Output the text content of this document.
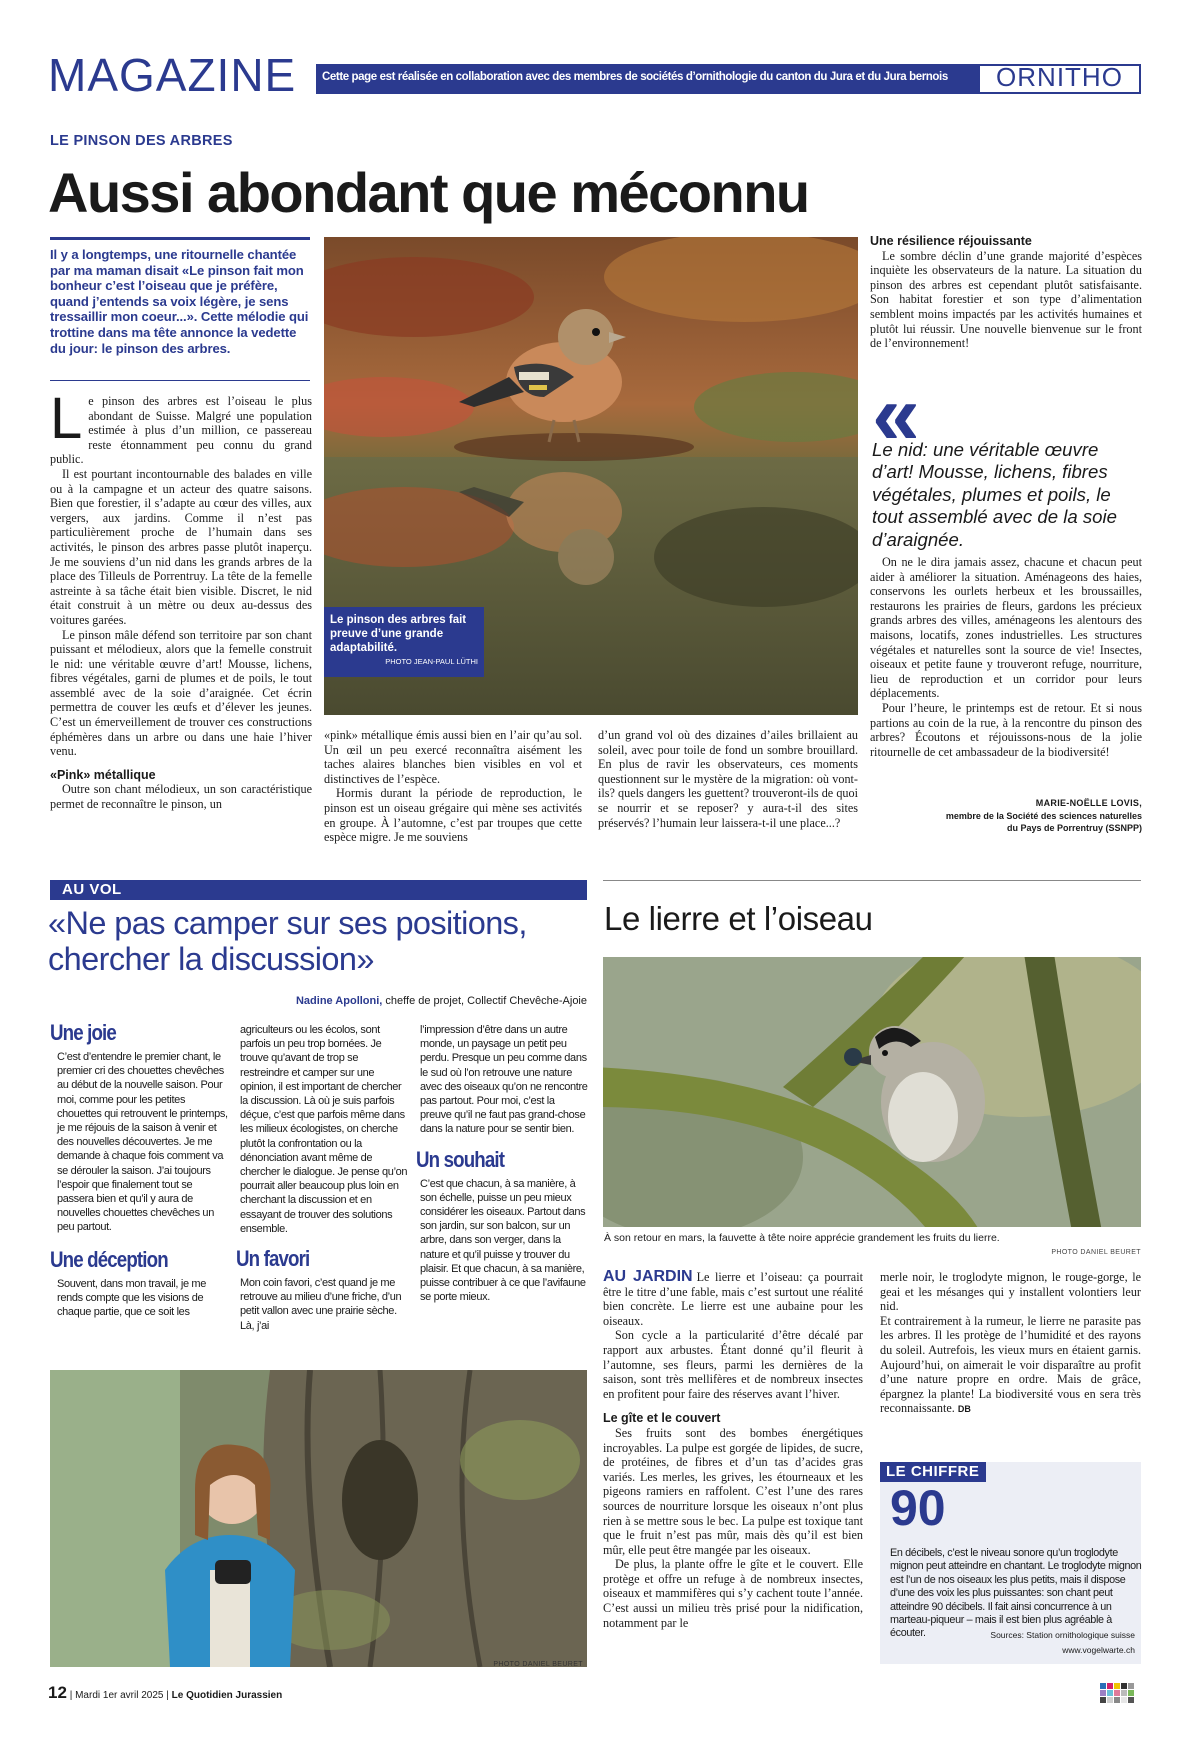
MAGAZINE Cette page est réalisée en collaboration avec des membres de sociétés d’ornithologie du canton du Jura et du Jura bernois	ORNITHO
LE PINSON DES ARBRES
Aussi abondant que méconnu
Il y a longtemps, une ritournelle chantée par ma maman disait «Le pinson fait mon bonheur c’est l’oiseau que je préfère, quand j’entends sa voix légère, je sens tressaillir mon coeur...». Cette mélodie qui trottine dans ma tête annonce la vedette du jour: le pinson des arbres.

Le pinson des arbres est l’oiseau le plus abondant de Suisse. Malgré une population estimée à plus d’un million, ce passereau reste étonnamment peu connu du grand public.

Il est pourtant incontournable des balades en ville ou à la campagne et un acteur des quatre saisons. Bien que forestier, il s’adapte au cœur des villes, aux vergers, aux jardins. Comme il n’est pas particulièrement proche de l’humain dans ses activités, le pinson des arbres passe plutôt inaperçu. Je me souviens d’un nid dans les grands arbres de la place des Tilleuls de Porrentruy. La tête de la femelle astreinte à sa tâche était bien visible. Discret, le nid était construit à un mètre ou deux au-dessus des voitures garées.

Le pinson mâle défend son territoire par son chant puissant et mélodieux, alors que la femelle construit le nid: une véritable œuvre d’art! Mousse, lichens, fibres végétales, garni de plumes et de poils, le tout assemblé avec de la soie d’araignée. Cet écrin permettra de couver les œufs et d’élever les jeunes. C’est un émerveillement de trouver ces constructions éphémères dans un arbre ou dans une haie l’hiver venu.

«Pink» métallique

Outre son chant mélodieux, un son caractéristique permet de reconnaître le pinson, un

Le pinson des arbres fait preuve d’une grande adaptabilité.
PHOTO JEAN-PAUL LÜTHI

«pink» métallique émis aussi bien en l’air qu’au sol. Un œil un peu exercé reconnaîtra aisément les taches alaires blanches bien visibles en vol et distinctives de l’espèce.

Hormis durant la période de reproduction, le pinson est un oiseau grégaire qui mène ses activités en groupe. À l’automne, c’est par troupes que cette espèce migre. Je me souviens

d’un grand vol où des dizaines d’ailes brillaient au soleil, avec pour toile de fond un sombre brouillard. En plus de ravir les observateurs, ces moments questionnent sur le mystère de la migration: où vont-ils? quels dangers les guettent? trouveront-ils de quoi se nourrir et se reposer? y aura-t-il des sites préservés? l’humain leur laissera-t-il une place...?

Une résilience réjouissante

Le sombre déclin d’une grande majorité d’espèces inquiète les observateurs de la nature. La situation du pinson des arbres est cependant plutôt satisfaisante. Son habitat forestier et son type d’alimentation semblent moins impactés par les activités humaines et plutôt lui réussir. Une nouvelle bienvenue sur le front de l’environnement!

«
Le nid: une véritable œuvre d’art! Mousse, lichens, fibres végétales, plumes et poils, le tout assemblé avec de la soie d’araignée.

On ne le dira jamais assez, chacune et chacun peut aider à améliorer la situation. Aménageons des haies, conservons les ourlets herbeux et les broussailles, restaurons les prairies de fleurs, gardons les précieux grands arbres des villes, aménageons les alentours des maisons, locatifs, zones industrielles. Les structures végétales et naturelles sont la source de vie! Insectes, oiseaux et petite faune y trouveront refuge, nourriture, lieu de reproduction et un corridor pour leurs déplacements.

Pour l’heure, le printemps est de retour. Et si nous partions au coin de la rue, à la rencontre du pinson des arbres? Écoutons et réjouissons-nous de la jolie ritournelle de cet ambassadeur de la biodiversité!

MARIE-NOËLLE LOVIS,
membre de la Société des sciences naturelles
du Pays de Porrentruy (SSNPP)
AU VOL
«Ne pas camper sur ses positions,
chercher la discussion»
Nadine Apolloni, cheffe de projet, Collectif Chevêche-Ajoie
Une joie
C’est d’entendre le premier chant, le premier cri des chouettes chevêches au début de la nouvelle saison. Pour moi, comme pour les petites chouettes qui retrouvent le printemps, je me réjouis de la saison à venir et des nouvelles découvertes. Je me demande à chaque fois comment va se dérouler la saison. J’ai toujours l’espoir que finalement tout se passera bien et qu’il y aura de nouvelles chouettes chevêches un peu partout.
Une déception
Souvent, dans mon travail, je me rends compte que les visions de chaque partie, que ce soit les
agriculteurs ou les écolos, sont parfois un peu trop bornées. Je trouve qu’avant de trop se restreindre et camper sur une opinion, il est important de chercher la discussion. Là où je suis parfois déçue, c’est que parfois même dans les milieux écologistes, on cherche plutôt la confrontation ou la dénonciation avant même de chercher le dialogue. Je pense qu’on pourrait aller beaucoup plus loin en cherchant la discussion et en essayant de trouver des solutions ensemble.
Un favori
Mon coin favori, c’est quand je me retrouve au milieu d’une friche, d’un petit vallon avec une prairie sèche. Là, j’ai
l’impression d’être dans un autre monde, un paysage un petit peu perdu. Presque un peu comme dans le sud où l’on retrouve une nature avec des oiseaux qu’on ne rencontre pas partout. Pour moi, c’est la preuve qu’il ne faut pas grand-chose dans la nature pour se sentir bien.
Un souhait
C’est que chacun, à sa manière, à son échelle, puisse un peu mieux considérer les oiseaux. Partout dans son jardin, sur son balcon, sur un arbre, dans son verger, dans la nature et qu’il puisse y trouver du plaisir. Et que chacun, à sa manière, puisse contribuer à ce que l’avifaune se porte mieux.
PHOTO DANIEL BEURET
Le lierre et l’oiseau
À son retour en mars, la fauvette à tête noire apprécie grandement les fruits du lierre.
PHOTO DANIEL BEURET

AU JARDIN Le lierre et l’oiseau: ça pourrait être le titre d’une fable, mais c’est surtout une réalité bien concrète. Le lierre est une aubaine pour les oiseaux.

Son cycle a la particularité d’être décalé par rapport aux arbustes. Étant donné qu’il fleurit à l’automne, ses fleurs, parmi les dernières de la saison, sont très mellifères et de nombreux insectes en profitent pour faire des réserves avant l’hiver.

Le gîte et le couvert

Ses fruits sont des bombes énergétiques incroyables. La pulpe est gorgée de lipides, de sucre, de protéines, de fibres et d’un tas d’acides gras variés. Les merles, les grives, les étourneaux et les pigeons ramiers en raffolent. C’est l’une des rares sources de nourriture lorsque les oiseaux n’ont plus rien à se mettre sous le bec. La pulpe est toxique tant que le fruit n’est pas mûr, mais dès qu’il est bien mûr, elle peut être mangée par les oiseaux.

De plus, la plante offre le gîte et le couvert. Elle protège et offre un refuge à de nombreux insectes, oiseaux et mammifères qui s’y cachent toute l’année. C’est aussi un milieu très prisé pour la nidification, notamment par le

merle noir, le troglodyte mignon, le rouge-gorge, le geai et les mésanges qui y installent volontiers leur nid.

Et contrairement à la rumeur, le lierre ne parasite pas les arbres. Il les protège de l’humidité et des rayons du soleil. Autrefois, les vieux murs en étaient garnis. Aujourd’hui, on aimerait le voir disparaître au profit d’une nature propre en ordre. Mais de grâce, épargnez la plante! La biodiversité vous en sera très reconnaissante. DB
LE CHIFFRE
90
En décibels, c’est le niveau sonore qu’un troglodyte mignon peut atteindre en chantant. Le troglodyte mignon est l’un de nos oiseaux les plus petits, mais il dispose d’une des voix les plus puissantes: son chant peut atteindre 90 décibels. Il fait ainsi concurrence à un marteau-piqueur – mais il est bien plus agréable à écouter.	Sources: Station ornithologique suisse
www.vogelwarte.ch
12 | Mardi 1er avril 2025 | Le Quotidien Jurassien
